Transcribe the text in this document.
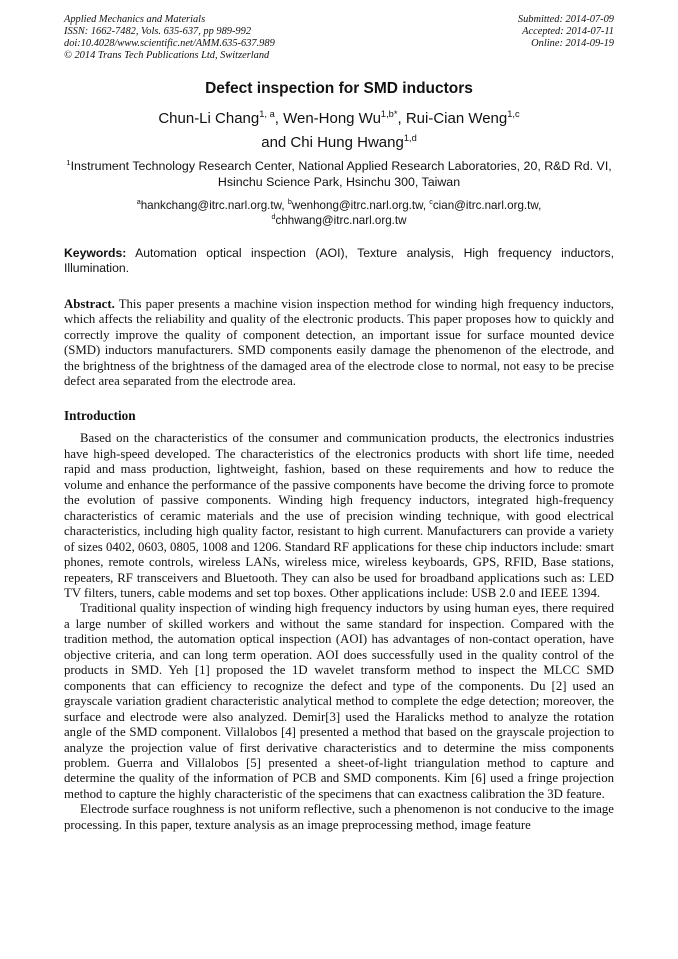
Applied Mechanics and Materials
ISSN: 1662-7482, Vols. 635-637, pp 989-992
doi:10.4028/www.scientific.net/AMM.635-637.989
© 2014 Trans Tech Publications Ltd, Switzerland
Submitted: 2014-07-09
Accepted: 2014-07-11
Online: 2014-09-19
Defect inspection for SMD inductors
Chun-Li Chang$^{1, a}$, Wen-Hong $Wu^{1,b*}$, Rui-Cian Weng$^{1,c}$
and Chi Hung Hwang$^{1,d}$
$^1$Instrument Technology Research Center, National Applied Research Laboratories, 20, R&D Rd. VI, Hsinchu Science Park, Hsinchu 300, Taiwan
$^a$hankchang@itrc.narl.org.tw, $^b$wenhong@itrc.narl.org.tw, $^c$cian@itrc.narl.org.tw,
$^d$chhwang@itrc.narl.org.tw
Keywords: Automation optical inspection (AOI), Texture analysis, High frequency inductors, Illumination.
Abstract. This paper presents a machine vision inspection method for winding high frequency inductors, which affects the reliability and quality of the electronic products. This paper proposes how to quickly and correctly improve the quality of component detection, an important issue for surface mounted device (SMD) inductors manufacturers. SMD components easily damage the phenomenon of the electrode, and the brightness of the brightness of the damaged area of the electrode close to normal, not easy to be precise defect area separated from the electrode area.
Introduction

Based on the characteristics of the consumer and communication products, the electronics industries have high-speed developed. The characteristics of the electronics products with short life time, needed rapid and mass production, lightweight, fashion, based on these requirements and how to reduce the volume and enhance the performance of the passive components have become the driving force to promote the evolution of passive components. Winding high frequency inductors, integrated high-frequency characteristics of ceramic materials and the use of precision winding technique, with good electrical characteristics, including high quality factor, resistant to high current. Manufacturers can provide a variety of sizes 0402, 0603, 0805, 1008 and 1206. Standard RF applications for these chip inductors include: smart phones, remote controls, wireless LANs, wireless mice, wireless keyboards, GPS, RFID, Base stations, repeaters, RF transceivers and Bluetooth. They can also be used for broadband applications such as: LED TV filters, tuners, cable modems and set top boxes. Other applications include: USB 2.0 and IEEE 1394.

Traditional quality inspection of winding high frequency inductors by using human eyes, there required a large number of skilled workers and without the same standard for inspection. Compared with the tradition method, the automation optical inspection (AOI) has advantages of non-contact operation, have objective criteria, and can long term operation. AOI does successfully used in the quality control of the products in SMD. Yeh [1] proposed the 1D wavelet transform method to inspect the MLCC SMD components that can efficiency to recognize the defect and type of the components. Du [2] used an grayscale variation gradient characteristic analytical method to complete the edge detection; moreover, the surface and electrode were also analyzed. Demir[3] used the Haralicks method to analyze the rotation angle of the SMD component. Villalobos [4] presented a method that based on the grayscale projection to analyze the projection value of first derivative characteristics and to determine the miss components problem. Guerra and Villalobos [5] presented a sheet-of-light triangulation method to capture and determine the quality of the information of PCB and SMD components. Kim [6] used a fringe projection method to capture the highly characteristic of the specimens that can exactness calibration the 3D feature.

Electrode surface roughness is not uniform reflective, such a phenomenon is not conducive to the image processing. In this paper, texture analysis as an image preprocessing method, image feature
